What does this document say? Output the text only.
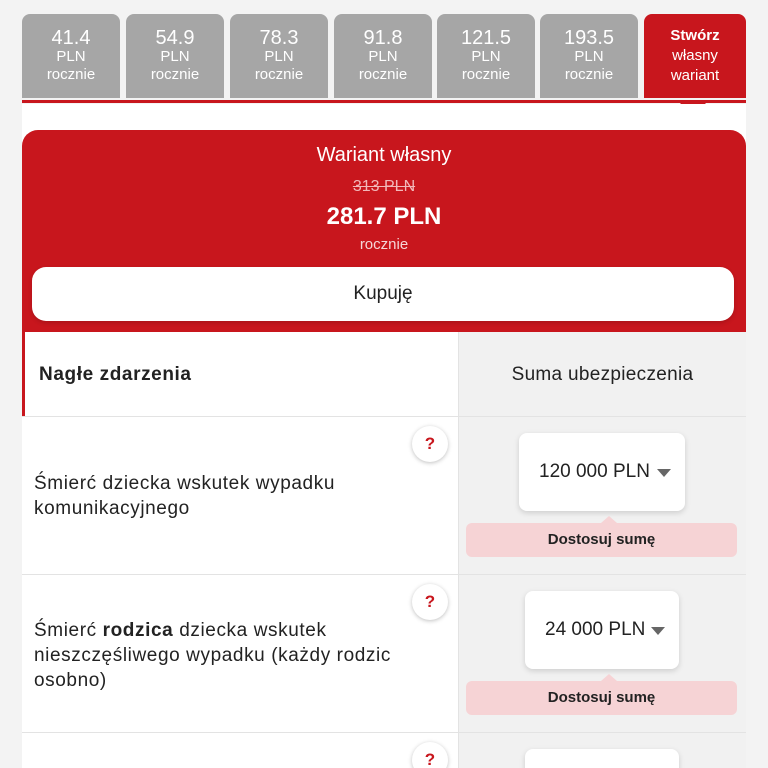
41.4
PLN
rocznie
54.9
PLN
rocznie
78.3
PLN
rocznie
91.8
PLN
rocznie
121.5
PLN
rocznie
193.5
PLN
rocznie
Stwórz
własny
wariant
Wariant własny
313 PLN
281.7 PLN
rocznie
Kupuję
Nagłe zdarzenia	Suma ubezpieczenia
?
Śmierć dziecka wskutek wypadku komunikacyjnego
120 000 PLN
Dostosuj sumę
?
Śmierć rodzica dziecka wskutek nieszczęśliwego wypadku (każdy rodzic osobno)
24 000 PLN
Dostosuj sumę
?
